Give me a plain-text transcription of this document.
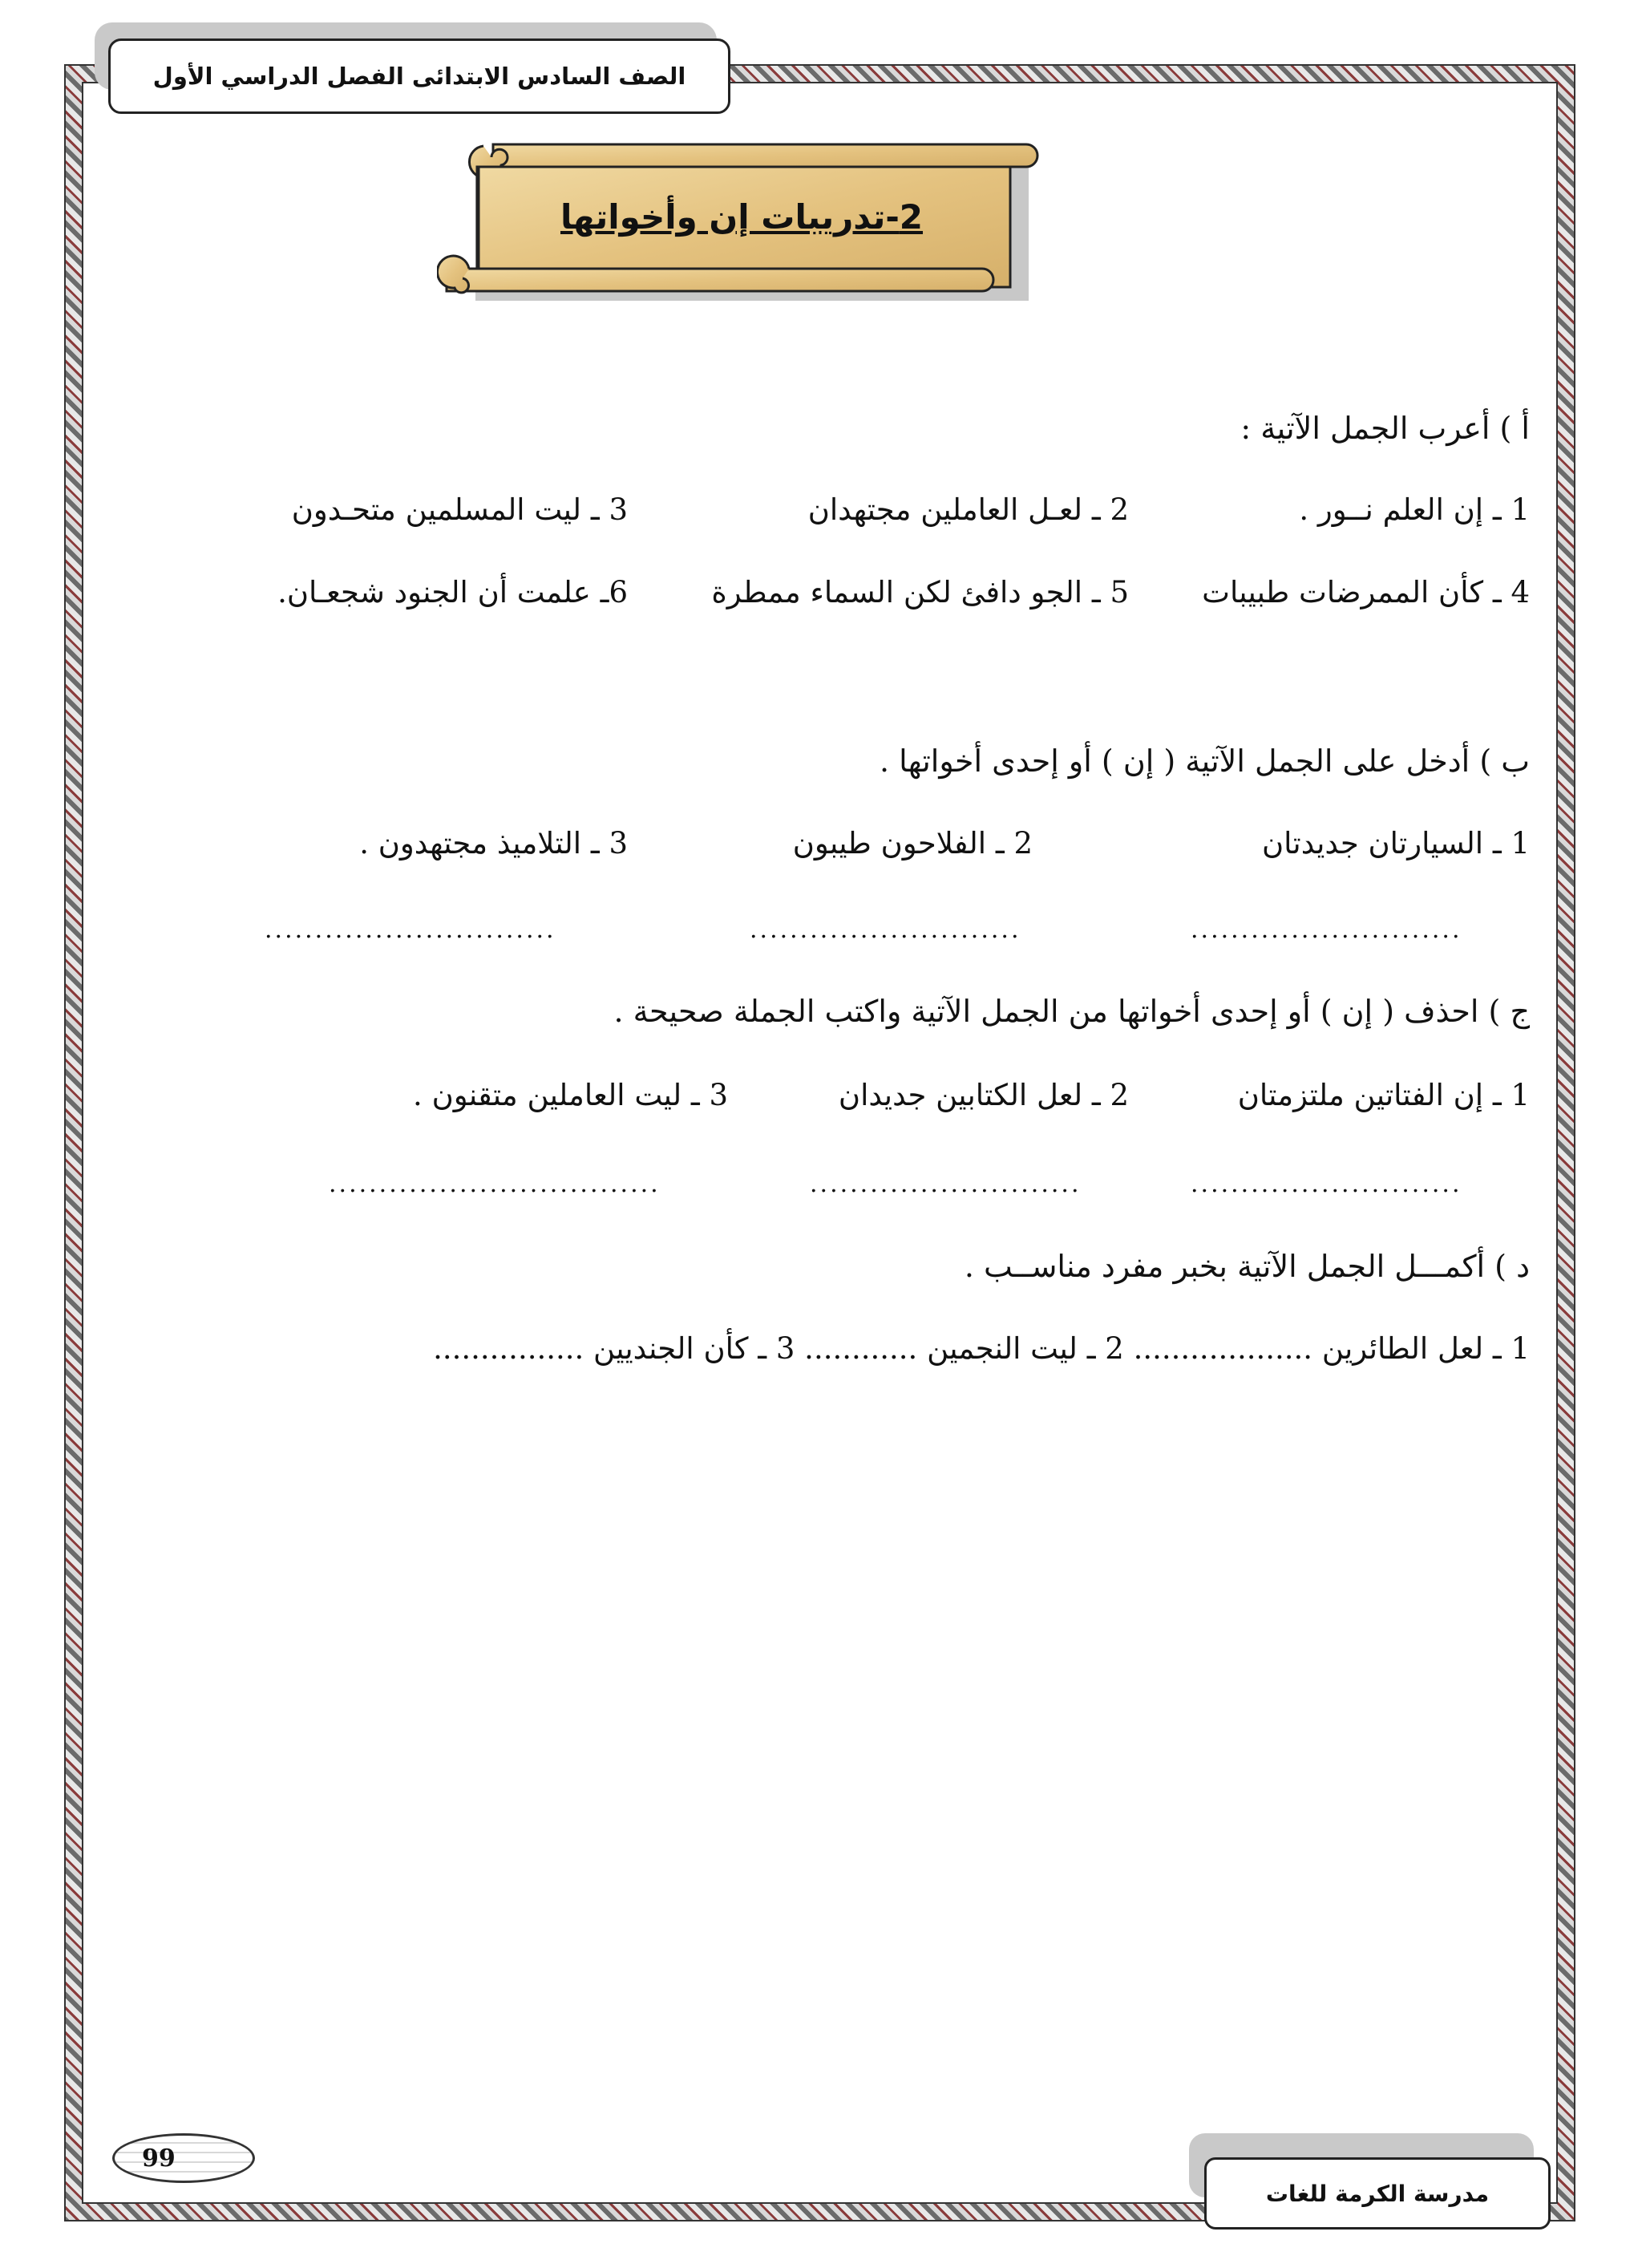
الصف السادس الابتدائى الفصل الدراسي الأول
2-تدريبات إن وأخواتها
أ ) أعرب الجمل الآتية :
1 ـ إن العلم نــور .
2 ـ لعـل العاملين مجتهدان
3 ـ ليت المسلمين متحـدون
4 ـ كأن الممرضات طبيبات
5 ـ الجو دافئ لكن السماء ممطرة
6ـ علمت أن الجنود شجعـان.
ب ) أدخل على الجمل الآتية ( إن ) أو إحدى أخواتها .
1 ـ السيارتان جديدتان
2 ـ الفلاحون طيبون
3 ـ التلاميذ مجتهدون .
...........................
...........................
.............................
ج ) احذف ( إن ) أو إحدى أخواتها من الجمل الآتية واكتب الجملة صحيحة .
1 ـ إن الفتاتين ملتزمتان
2 ـ لعل الكتابين جديدان
3 ـ ليت العاملين متقنون .
...........................
...........................
.................................
د ) أكمـــل الجمل الآتية بخبر مفرد مناســب .
1 ـ لعل الطائرين ................... 2 ـ ليت النجمين ............ 3 ـ كأن الجنديين ................
99
مدرسة الكرمة للغات
